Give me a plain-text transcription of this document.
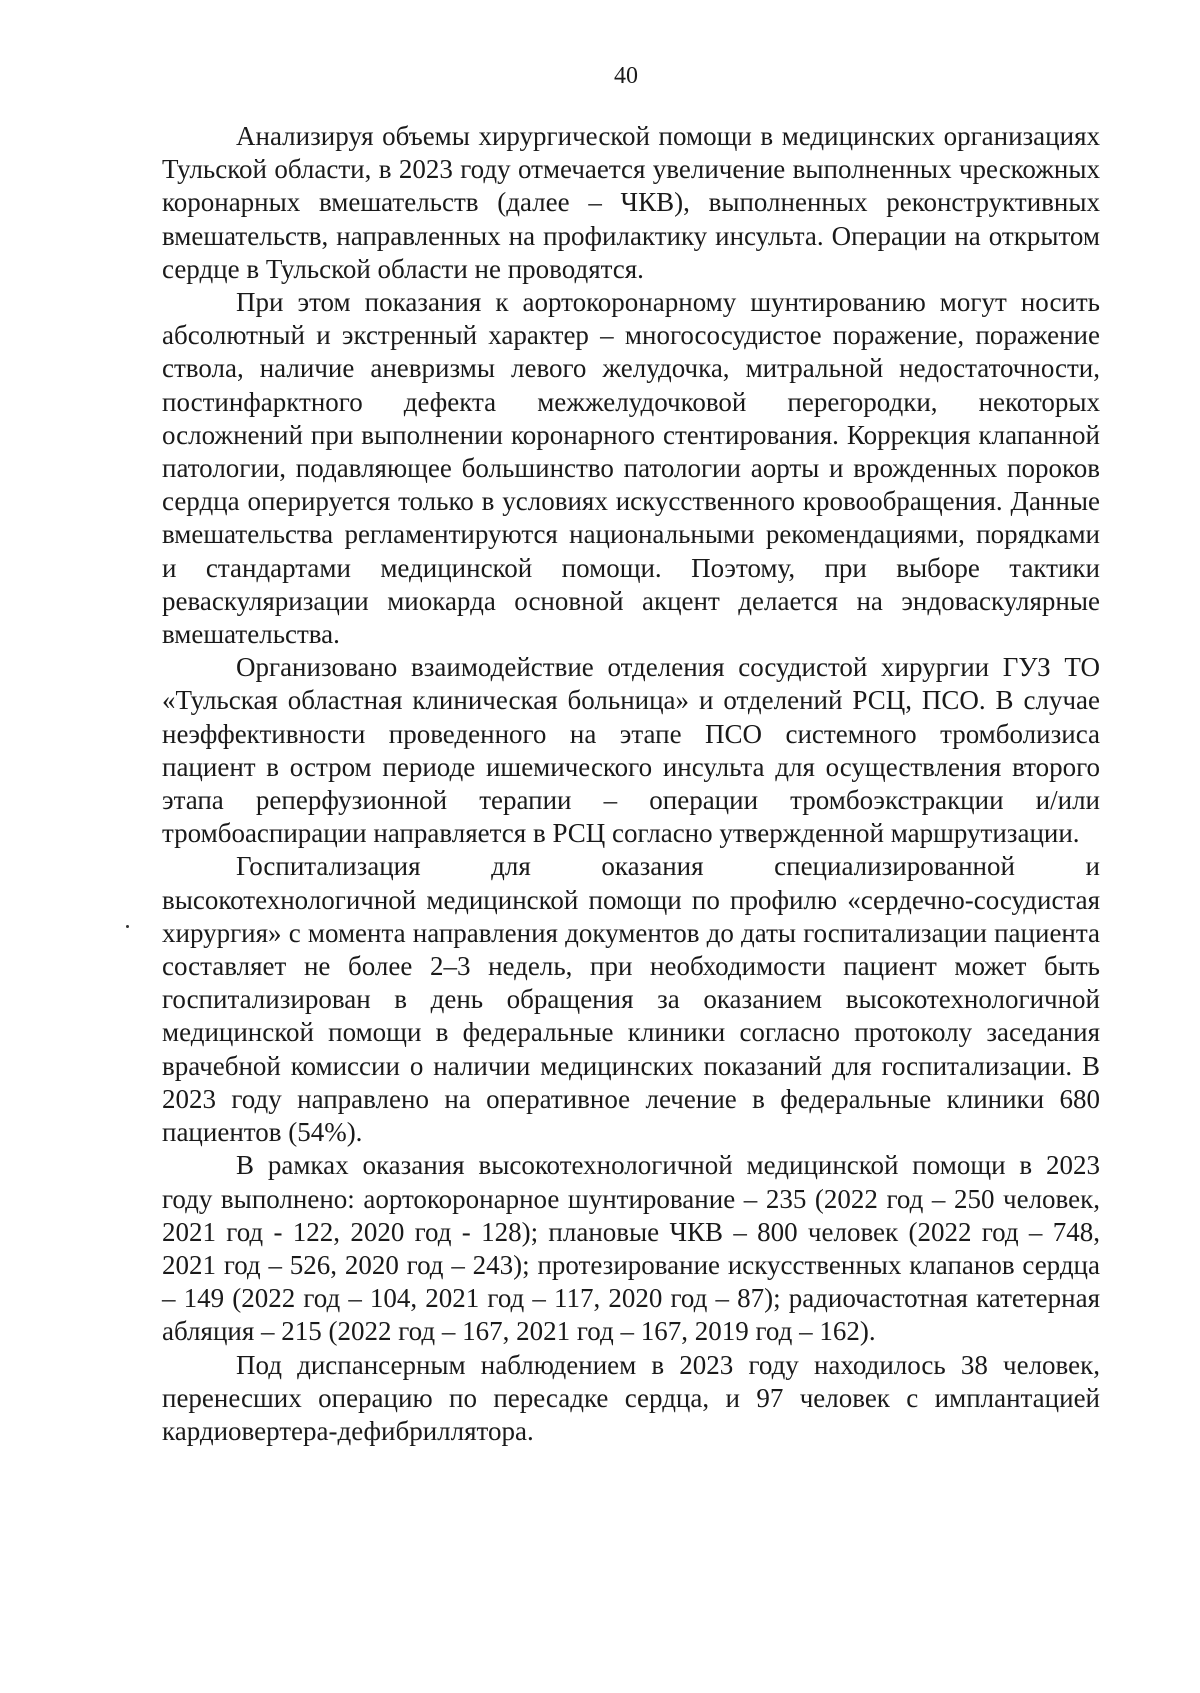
40

Анализируя объемы хирургической помощи в медицинских организациях Тульской области, в 2023 году отмечается увеличение выполненных чрескожных коронарных вмешательств (далее – ЧКВ), выполненных реконструктивных вмешательств, направленных на профилактику инсульта. Операции на открытом сердце в Тульской области не проводятся.

При этом показания к аортокоронарному шунтированию могут носить абсолютный и экстренный характер – многососудистое поражение, поражение ствола, наличие аневризмы левого желудочка, митральной недостаточности, постинфарктного дефекта межжелудочковой перегородки, некоторых осложнений при выполнении коронарного стентирования. Коррекция клапанной патологии, подавляющее большинство патологии аорты и врожденных пороков сердца оперируется только в условиях искусственного кровообращения. Данные вмешательства регламентируются национальными рекомендациями, порядками и стандартами медицинской помощи. Поэтому, при выборе тактики реваскуляризации миокарда основной акцент делается на эндоваскулярные вмешательства.

Организовано взаимодействие отделения сосудистой хирургии ГУЗ ТО «Тульская областная клиническая больница» и отделений РСЦ, ПСО. В случае неэффективности проведенного на этапе ПСО системного тромболизиса пациент в остром периоде ишемического инсульта для осуществления второго этапа реперфузионной терапии – операции тромбоэкстракции и/или тромбоаспирации направляется в РСЦ согласно утвержденной маршрутизации.

Госпитализация для оказания специализированной и высокотехнологичной медицинской помощи по профилю «сердечно-сосудистая хирургия» с момента направления документов до даты госпитализации пациента составляет не более 2–3 недель, при необходимости пациент может быть госпитализирован в день обращения за оказанием высокотехнологичной медицинской помощи в федеральные клиники согласно протоколу заседания врачебной комиссии о наличии медицинских показаний для госпитализации. В 2023 году направлено на оперативное лечение в федеральные клиники 680 пациентов (54%).

В рамках оказания высокотехнологичной медицинской помощи в 2023 году выполнено: аортокоронарное шунтирование – 235 (2022 год – 250 человек, 2021 год - 122, 2020 год - 128); плановые ЧКВ – 800 человек (2022 год – 748, 2021 год – 526, 2020 год – 243); протезирование искусственных клапанов сердца – 149 (2022 год – 104, 2021 год – 117, 2020 год – 87); радиочастотная катетерная абляция – 215 (2022 год – 167, 2021 год – 167, 2019 год – 162).

Под диспансерным наблюдением в 2023 году находилось 38 человек, перенесших операцию по пересадке сердца, и 97 человек с имплантацией кардиовертера-дефибриллятора.
